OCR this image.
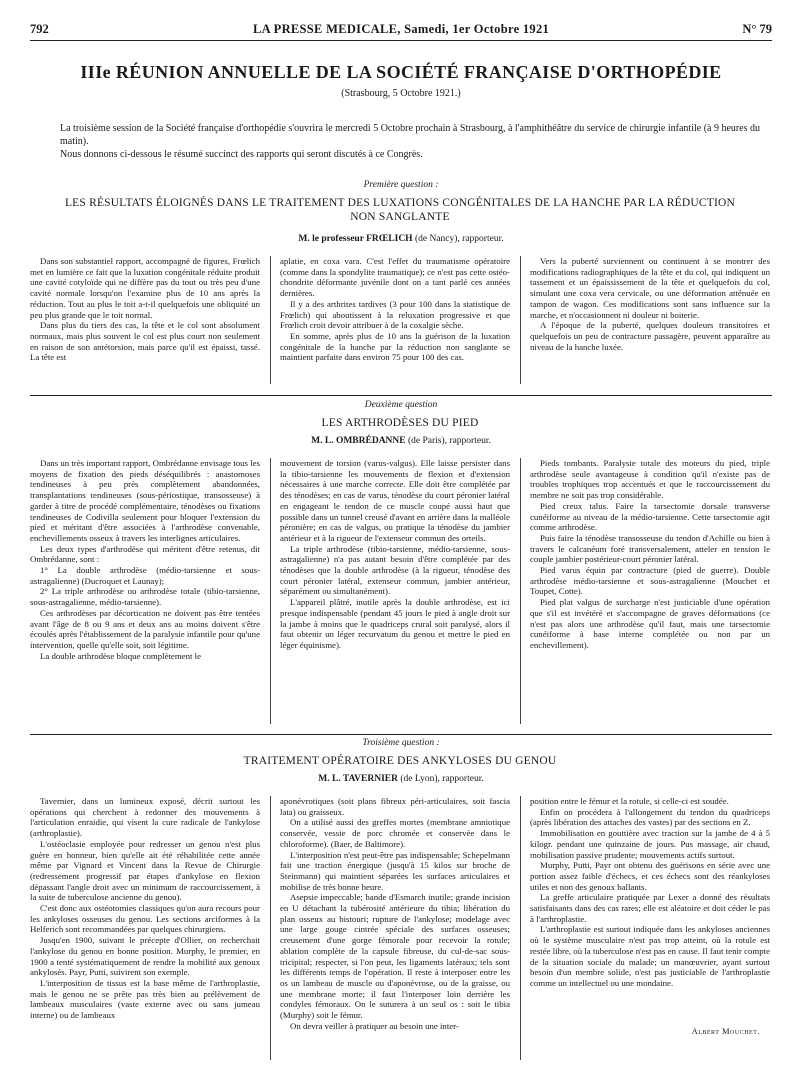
792	LA PRESSE MEDICALE, Samedi, 1er Octobre 1921	N° 79
IIIe RÉUNION ANNUELLE DE LA SOCIÉTÉ FRANÇAISE D'ORTHOPÉDIE
(Strasbourg, 5 Octobre 1921.)

La troisième session de la Société française d'orthopédie s'ouvrira le mercredi 5 Octobre prochain à Strasbourg, à l'amphithéâtre du service de chirurgie infantile (à 9 heures du matin).

Nous donnons ci-dessous le résumé succinct des rapports qui seront discutés à ce Congrès.

Première question :
LES RÉSULTATS ÉLOIGNÉS DANS LE TRAITEMENT DES LUXATIONS CONGÉNITALES DE LA HANCHE PAR LA RÉDUCTION NON SANGLANTE
M. le professeur FRŒLICH (de Nancy), rapporteur.

Dans son substantiel rapport, accompagné de figures, Frœlich met en lumière ce fait que la luxation congénitale réduite produit une cavité cotyloïde qui ne diffère pas du tout ou très peu d'une cavité normale lorsqu'on l'examine plus de 10 ans après la réduction. Tout au plus le toit a-t-il quelquefois une obliquité un peu plus grande que le toit normal.

Dans plus du tiers des cas, la tête et le col sont absolument normaux, mais plus souvent le col est plus court non seulement en raison de son antétorsion, mais parce qu'il est épaissi, tassé. La tête est

aplatie, en coxa vara. C'est l'effet du traumatisme opératoire (comme dans la spondylite traumatique); ce n'est pas cette ostéo-chondrite déformante juvénile dont on a tant parlé ces années dernières.

Il y a des arthrites tardives (3 pour 100 dans la statistique de Frœlich) qui aboutissent à la reluxation progressive et que Frœlich croit devoir attribuer à de la coxalgie sèche.

En somme, après plus de 10 ans la guérison de la luxation congénitale de la hanche par la réduction non sanglante se maintient parfaite dans environ 75 pour 100 des cas.

Vers la puberté surviennent ou continuent à se montrer des modifications radiographiques de la tête et du col, qui indiquent un tassement et un épaississement de la tête et quelquefois du col, simulant une coxa vera cervicale, ou une déformation atténuée en tampon de wagon. Ces modifications sont sans influence sur la marche, et n'occasionnent ni douleur ni boiterie.

A l'époque de la puberté, quelques douleurs transitoires et quelquefois un peu de contracture passagère, peuvent apparaître au niveau de la hanche luxée.

Deuxième question
LES ARTHRODÈSES DU PIED
M. L. OMBRÉDANNE (de Paris), rapporteur.

Dans un très important rapport, Ombrédanne envisage tous les moyens de fixation des pieds déséquilibrés : anastomoses tendineuses à peu près complètement abandonnées, transplantations tendineuses (sous-périostique, transosseuse) à garder à titre de procédé complémentaire, ténodèses ou fixations tendineuses de Codivilla seulement pour bloquer l'extension du pied et méritant d'être associées à l'arthrodèse convenable, enchevillements osseux à travers les interlignes articulaires.

Les deux types d'arthrodèse qui méritent d'être retenus, dit Ombrédanne, sont :

1° La double arthrodèse (médio-tarsienne et sous-astragalienne) (Ducroquet et Launay);

2° La triple arthrodèse ou arthrodèse totale (tibio-tarsienne, sous-astragalienne, médio-tarsienne).

Ces arthrodèses par décortication ne doivent pas être tentées avant l'âge de 8 ou 9 ans et deux ans au moins doivent s'être écoulés après l'établissement de la paralysie infantile pour qu'une intervention, quelle qu'elle soit, soit légitime.

La double arthrodèse bloque complètement le

mouvement de torsion (varus-valgus). Elle laisse persister dans la tibio-tarsienne les mouvements de flexion et d'extension nécessaires à une marche correcte. Elle doit être complétée par des ténodèses; en cas de varus, ténodèse du court péronier latéral en engageant le tendon de ce muscle coupé aussi haut que possible dans un tunnel creusé d'avant en arrière dans la malléole péronière; en cas de valgus, ou pratique la ténodèse du jambier antérieur et à la rigueur de l'extenseur commun des orteils.

La triple arthrodèse (tibio-tarsienne, médio-tarsienne, sous-astragalienne) n'a pas autant besoin d'être complétée par des ténodèses que la double arthrodèse (à la rigueur, ténodèse des court péronier latéral, extenseur commun, jambier antérieur, séparément ou simultanément).

L'appareil plâtré, inutile après la double arthrodèse, est ici presque indispensable (pendant 45 jours le pied à angle droit sur la jambe à moins que le quadriceps crural soit paralysé, alors il faut obtenir un léger recurvatum du genou et mettre le pied en léger équinisme).

Pieds tombants. Paralysie totale des moteurs du pied, triple arthrodèse seule avantageuse à condition qu'il n'existe pas de troubles trophiques trop accentués et que le raccourcissement du membre ne soit pas trop considérable.

Pied creux talus. Faire la tarsectomie dorsale transverse cunéiforme au niveau de la médio-tarsienne. Cette tarsectomie agit comme arthrodèse.

Puis faire la ténodèse transosseuse du tendon d'Achille ou bien à travers le calcanéum foré transversalement, atteler en tension le couple jambier postérieur-court péronier latéral.

Pied varus équin par contracture (pied de guerre). Double arthrodèse médio-tarsienne et sous-astragalienne (Mouchet et Toupet, Cotte).

Pied plat valgus de surcharge n'est justiciable d'une opération que s'il est invétéré et s'accompagne de graves déformations (ce n'est pas alors une arthrodèse qu'il faut, mais une tarsectomie cunéiforme à base interne complétée ou non par un enchevillement).

Troisième question :
TRAITEMENT OPÉRATOIRE DES ANKYLOSES DU GENOU
M. L. TAVERNIER (de Lyon), rapporteur.

Tavernier, dans un lumineux exposé, décrit surtout les opérations qui cherchent à redonner des mouvements à l'articulation enraidie, qui visent la cure radicale de l'ankylose (arthroplastie).

L'ostéoclasie employée pour redresser un genou n'est plus guère en honneur, bien qu'elle ait été réhabilitée cette année même par Vignard et Vincent dans la Revue de Chirurgie (redressement progressif par étapes d'ankylose en flexion dépassant l'angle droit avec un minimum de raccourcissement, à la suite de tuberculose ancienne du genou).

C'est donc aux ostéotomies classiques qu'on aura recours pour les ankyloses osseuses du genou. Les sections arciformes à la Helferich sont recommandées par quelques chirurgiens.

Jusqu'en 1900, suivant le précepte d'Ollier, on recherchait l'ankylose du genou en bonne position. Murphy, le premier, en 1900 a tenté systématiquement de rendre la mobilité aux genoux ankylosés. Payr, Putti, suivirent son exemple.

L'interposition de tissus est la base même de l'arthroplastie, mais le genou ne se prête pas très bien au prélèvement de lambeaux musculaires (vaste externe avec ou sans jumeau interne) ou de lambeaux

aponévrotiques (soit plans fibreux péri-articulaires, soit fascia lata) ou graisseux.

On a utilisé aussi des greffes mortes (membrane amniotique conservée, vessie de porc chromée et conservée dans le chloroforme). (Baer, de Baltimore).

L'interposition n'est peut-être pas indispensable; Schepelmann fait une traction énergique (jusqu'à 15 kilos sur broche de Steinmann) qui maintient séparées les surfaces articulaires et mobilise de très bonne heure.

Asepsie impeccable; bande d'Esmarch inutile; grande incision en U détachant la tubérosité antérieure du tibia; libération du plan osseux au bistouri; rupture de l'ankylose; modelage avec une large gouge cintrée spéciale des surfaces osseuses; creusement d'une gorge fémorale pour recevoir la rotule; ablation complète de la capsule fibreuse, du cul-de-sac sous-tricipital; respecter, si l'on peut, les ligaments latéraux; tels sont les différents temps de l'opération. Il reste à interposer entre les os un lambeau de muscle ou d'aponévrose, ou de la graisse, ou une membrane morte; il faut l'interposer loin derrière les condyles fémoraux. On le suturera à un seul os : soit le tibia (Murphy) soit le fémur.

On devra veiller à pratiquer au besoin une inter-

position entre le fémur et la rotule, si celle-ci est soudée.

Enfin on procédera à l'allongement du tendon du quadriceps (après libération des attaches des vastes) par des sections en Z.

Immobilisation en gouttière avec traction sur la jambe de 4 à 5 kilogr. pendant une quinzaine de jours. Pus massage, air chaud, mobilisation passive prudente; mouvements actifs surtout.

Murphy, Putti, Payr ont obtenu des guérisons en série avec une portion assez faible d'échecs, et ces échecs sont des réankyloses utiles et non des genoux ballants.

La greffe articulaire pratiquée par Lexer a donné des résultats satisfaisants dans des cas rares; elle est aléatoire et doit céder le pas à l'arthroplastie.

L'arthroplastie est surtout indiquée dans les ankyloses anciennes où le système musculaire n'est pas trop atteint, où la rotule est restée libre, où la tuberculose n'est pas en cause. Il faut tenir compte de la situation sociale du malade; un manœuvrier, ayant surtout besoin d'un membre solide, n'est pas justiciable de l'arthroplastie comme un intellectuel ou une mondaine.

Albert Mouchet.
